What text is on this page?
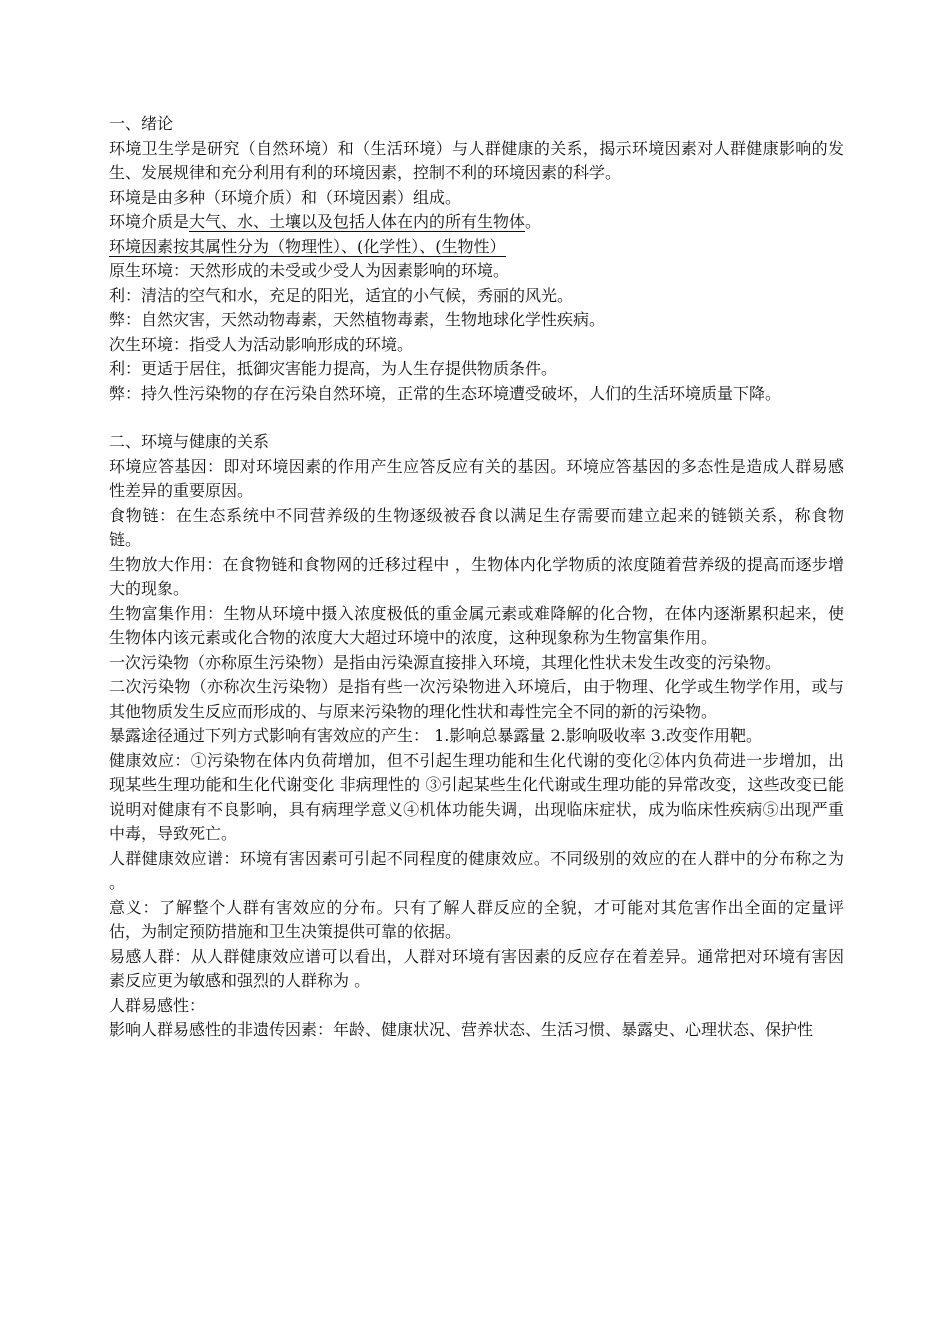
一、绪论

环境卫生学是研究（自然环境）和（生活环境）与人群健康的关系，揭示环境因素对人群健康影响的发生、发展规律和充分利用有利的环境因素，控制不利的环境因素的科学。

环境是由多种（环境介质）和（环境因素）组成。

环境介质是大气、水、土壤以及包括人体在内的所有生物体。

环境因素按其属性分为（物理性）、(化学性）、(生物性）

原生环境：天然形成的未受或少受人为因素影响的环境。

利：清洁的空气和水，充足的阳光，适宜的小气候，秀丽的风光。

弊：自然灾害，天然动物毒素，天然植物毒素，生物地球化学性疾病。

次生环境：指受人为活动影响形成的环境。

利：更适于居住，抵御灾害能力提高，为人生存提供物质条件。

弊：持久性污染物的存在污染自然环境，正常的生态环境遭受破坏，人们的生活环境质量下降。

二、环境与健康的关系

环境应答基因：即对环境因素的作用产生应答反应有关的基因。环境应答基因的多态性是造成人群易感性差异的重要原因。

食物链：在生态系统中不同营养级的生物逐级被吞食以满足生存需要而建立起来的链锁关系，称食物链。

生物放大作用：在食物链和食物网的迁移过程中 ，生物体内化学物质的浓度随着营养级的提高而逐步增大的现象。

生物富集作用：生物从环境中摄入浓度极低的重金属元素或难降解的化合物，在体内逐渐累积起来，使生物体内该元素或化合物的浓度大大超过环境中的浓度，这种现象称为生物富集作用。

一次污染物（亦称原生污染物）是指由污染源直接排入环境，其理化性状未发生改变的污染物。

二次污染物（亦称次生污染物）是指有些一次污染物进入环境后，由于物理、化学或生物学作用，或与其他物质发生反应而形成的、与原来污染物的理化性状和毒性完全不同的新的污染物。

暴露途径通过下列方式影响有害效应的产生： 1.影响总暴露量 2.影响吸收率 3.改变作用靶。

健康效应：①污染物在体内负荷增加，但不引起生理功能和生化代谢的变化②体内负荷进一步增加，出现某些生理功能和生化代谢变化 非病理性的 ③引起某些生化代谢或生理功能的异常改变，这些改变已能说明对健康有不良影响，具有病理学意义④机体功能失调，出现临床症状，成为临床性疾病⑤出现严重中毒，导致死亡。

人群健康效应谱：环境有害因素可引起不同程度的健康效应。不同级别的效应的在人群中的分布称之为 。

意义：了解整个人群有害效应的分布。只有了解人群反应的全貌，才可能对其危害作出全面的定量评估，为制定预防措施和卫生决策提供可靠的依据。

易感人群：从人群健康效应谱可以看出，人群对环境有害因素的反应存在着差异。通常把对环境有害因素反应更为敏感和强烈的人群称为 。

人群易感性：

影响人群易感性的非遗传因素：年龄、健康状况、营养状态、生活习惯、暴露史、心理状态、保护性
